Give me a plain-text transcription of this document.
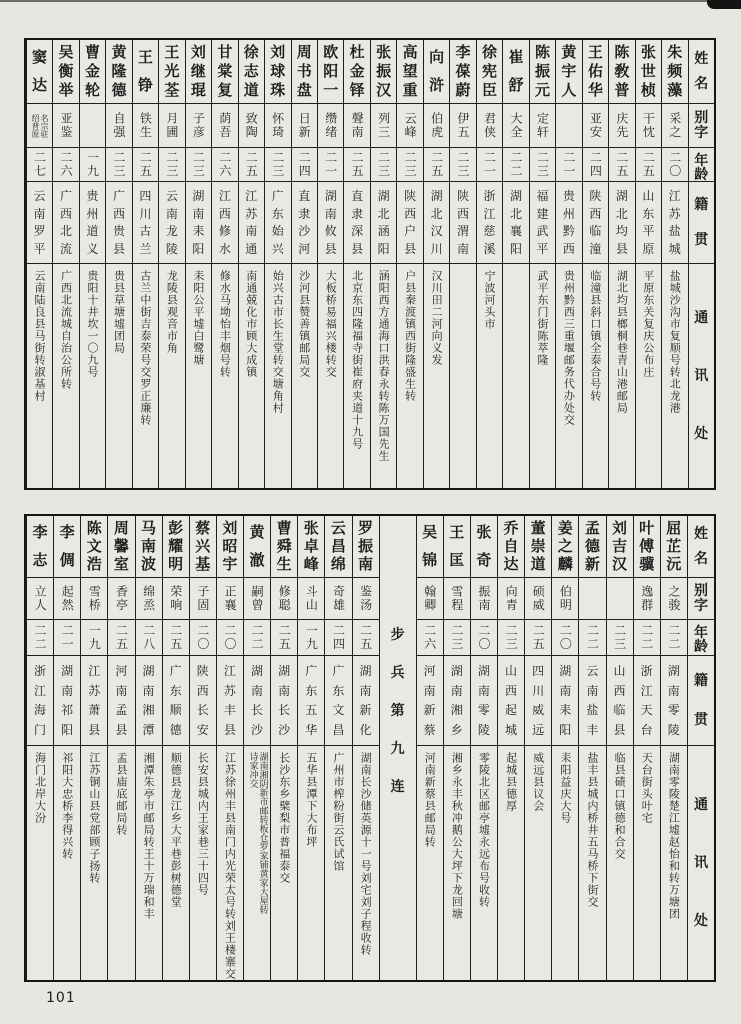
姓
名
别
字
年
龄
籍
贯
通
讯
处
朱
频
藻
采之
二〇
江
苏
盐
城
盐城沙沟市复顺号转北龙港
张
世
桢
干忱
二五
山
东
平
原
平原东关复庆公布庄
陈
敎
普
庆先
二五
湖
北
均
县
湖北均县榔桐巷青山港邮局
王
佑
华
亚安
二四
陕
西
临
潼
临潼县斜口镇全泰合号转
黄
宇
人
二一
贵
州
黔
西
贵州黔西三重堰邮务代办处交
陈
振
元
定轩
二三
福
建
武
平
武平东门街陈萃隆
崔
舒
大全
二二
湖
北
襄
阳
徐
宪
臣
君侠
二一
浙
江
慈
溪
宁波河头市
李
葆
蔚
伊五
二三
陕
西
渭
南
向
浒
伯虎
二五
湖
北
汉
川
汉川田二河向义发
高
望
重
云峰
二三
陕
西
户
县
户县秦渡镇西街隆盛生转
张
振
汉
列三
二三
湖
北
涵
阳
涵阳西方通海口洪春永转陈万国先生
杜
金
铎
聲南
二五
直
隶
深
县
北京东四隆福寺街崔府夹道十九号
欧
阳
一
缵绪
二一
湖
南
攸
县
大板桥易福兴楼转交
周
书
盘
日新
二四
直
隶
沙
河
沙河县赞善镇邮局交
刘
球
珠
怀琦
二三
广
东
始
兴
始兴古市长生堂转交塘角村
徐
志
道
致陶
二五
江
苏
南
通
南通兢化市顾大成镇
甘
棠
复
荫吾
二六
江
西
修
水
修水马坳怡丰烟号转
刘
继
琨
子彦
二三
湖
南
耒
阳
耒阳公平墟白鹭塘
王
光
荃
月圃
二三
云
南
龙
陵
龙陵县观音市角
王
铮
铁生
二五
四
川
古
兰
古兰中街吉泰荣号交罗正廉转
黄
隆
德
自强
二三
广
西
贵
县
贵县草塘墟团局
曹
金
轮
一九
贵
州
道
义
贵阳十井坎一〇九号
吴
衡
举
亚鉴
二六
广
西
北
流
广西北流城自治公所转
窦
达
名宗驻
绍普原
二七
云
南
罗
平
云南陆良县马街转淑基村
姓
名
别
字
年
龄
籍
贯
通
讯
处
屈
芷
沅
之骏
二二
湖
南
零
陵
湖南零陵楚江墟赵怡和转万塘团
叶
傅
骥
逸群
二二
浙
江
天
台
天台街头叶宅
刘
吉
汉
二三
山
西
临
县
临县碛口镇德和合交
孟
德
新
二二
云
南
盐
丰
盐丰县城内桥井五马桥下街交
姜
之
麟
伯明
二〇
湖
南
耒
阳
耒阳益庆大号
董
崇
道
硕威
二五
四
川
威
远
威远县议会
乔
自
达
向青
二三
山
西
起
城
起城县德厚
张
奇
振南
二〇
湖
南
零
陵
零陵北区邮亭墟永远布号收转
王
匡
雪程
二三
湖
南
湘
乡
湘乡永丰秋冲鹅公大坪下龙回塘
吴
锦
翰卿
二六
河
南
新
蔡
河南新蔡县邮局转
步
兵
第
九
连
罗
振
南
鉴汤
二五
湖
南
新
化
湖南长沙储英源十一号刘宅刘子程收转
云
昌
绵
奇雄
二四
广
东
文
昌
广州市榨粉街云氏试馆
张
卓
峰
斗山
一九
广
东
五
华
五华县潭下大布坪
曹
舜
生
修聪
二五
湖
南
长
沙
长沙东乡檗梨市普福泰交
黄
澈
嗣曾
二二
湖
南
长
沙
湖南湘阴新市邮转板仓罗家铺黄家大屋转
诗家冲交
刘
昭
宇
正襄
二〇
江
苏
丰
县
江苏徐州丰县南门内光荣太号转刘王楼寨交
蔡
兴
基
子固
二〇
陕
西
长
安
长安县城内王家巷三十四号
彭
耀
明
荣响
二五
广
东
顺
德
顺德县龙江乡大平巷彭树德堂
马
南
波
绵烝
二八
湖
南
湘
潭
湘潭朱亭市邮局转王十万瑞和丰
周
馨
室
香亭
二五
河
南
孟
县
孟县庙底邮局转
陈
文
浩
雪桥
一九
江
苏
萧
县
江苏铜山县党部顾子扬转
李
倜
起然
二一
湖
南
祁
阳
祁阳大忠桥李得兴转
李
志
立人
二二
浙
江
海
门
海门北岸大汾
101
